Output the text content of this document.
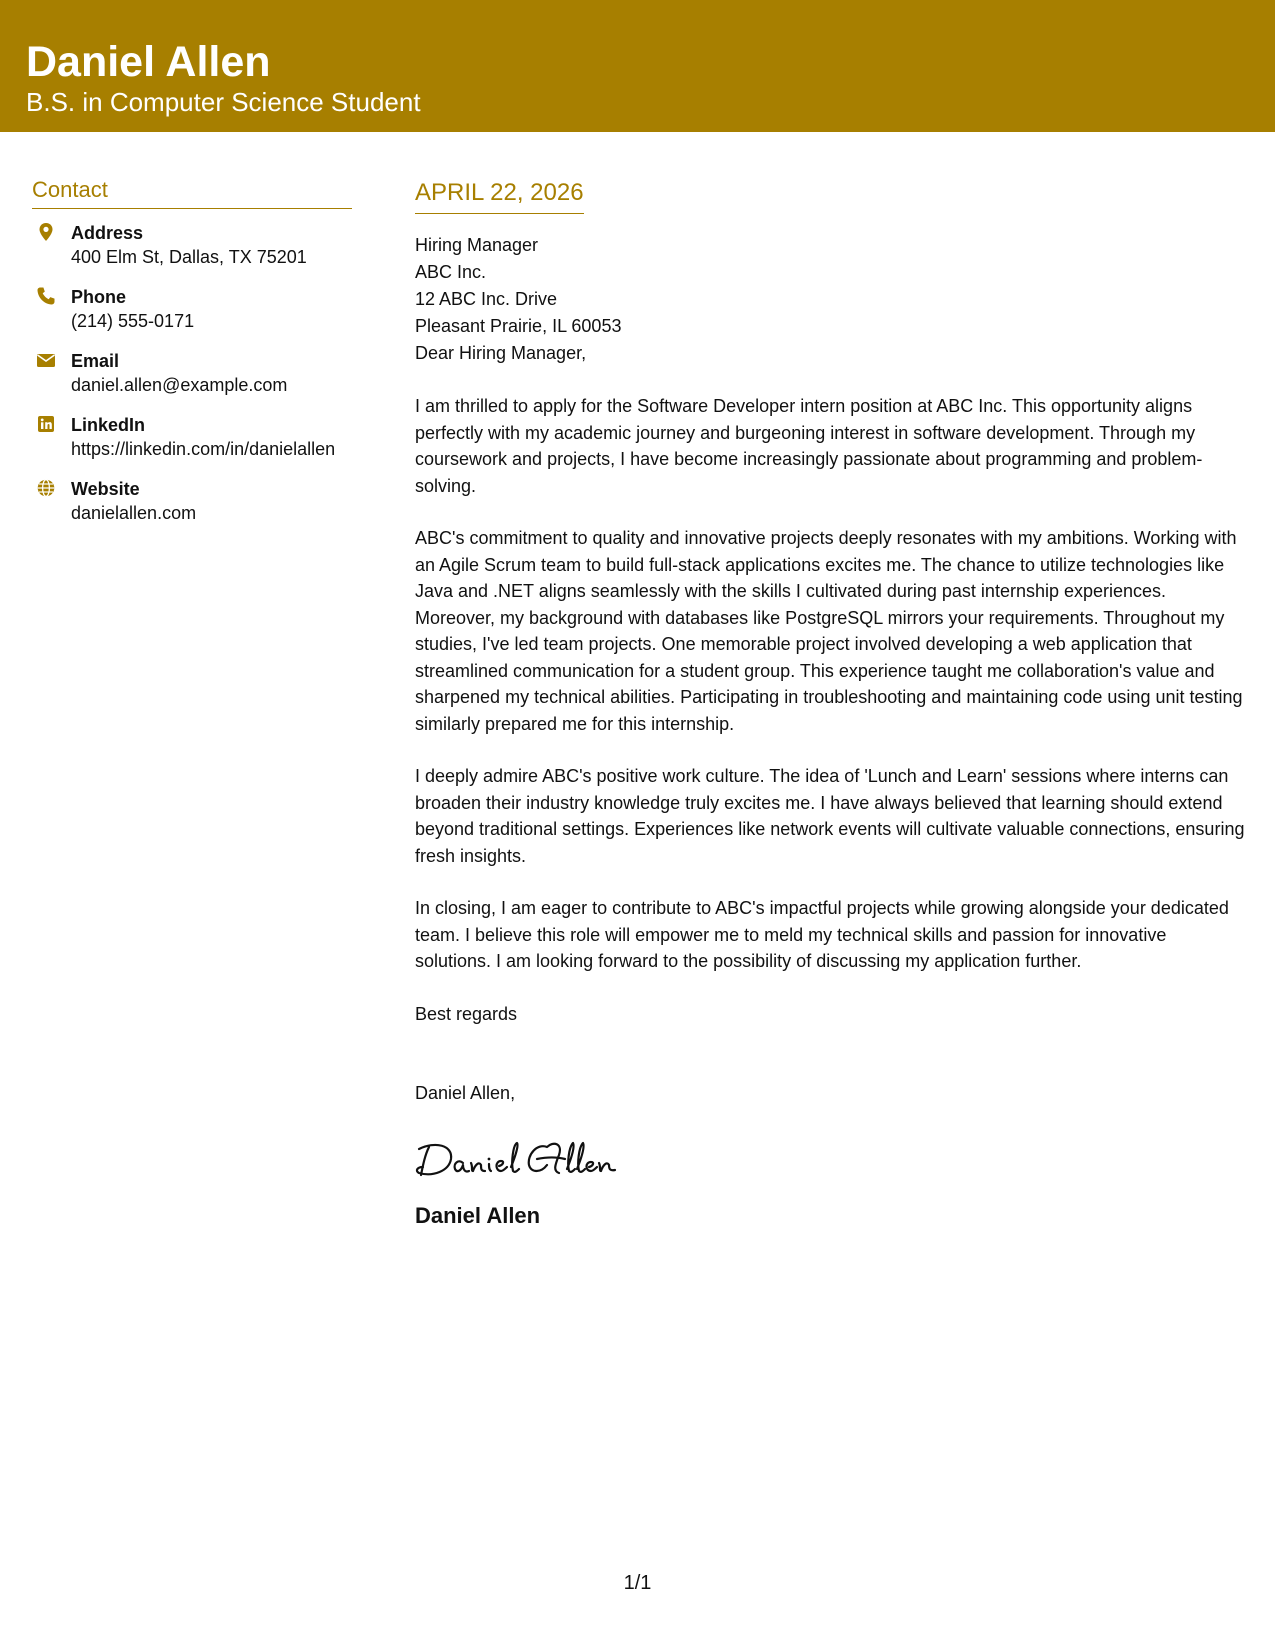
Daniel Allen
B.S. in Computer Science Student
Contact
Address
400 Elm St, Dallas, TX 75201
Phone
(214) 555-0171
Email
daniel.allen@example.com
LinkedIn
https://linkedin.com/in/danielallen
Website
danielallen.com
APRIL 22, 2026
Hiring Manager
ABC Inc.
12 ABC Inc. Drive
Pleasant Prairie, IL 60053
Dear Hiring Manager,
I am thrilled to apply for the Software Developer intern position at ABC Inc. This opportunity aligns perfectly with my academic journey and burgeoning interest in software development. Through my coursework and projects, I have become increasingly passionate about programming and problem-solving.
ABC's commitment to quality and innovative projects deeply resonates with my ambitions. Working with an Agile Scrum team to build full-stack applications excites me. The chance to utilize technologies like Java and .NET aligns seamlessly with the skills I cultivated during past internship experiences. Moreover, my background with databases like PostgreSQL mirrors your requirements. Throughout my studies, I've led team projects. One memorable project involved developing a web application that streamlined communication for a student group. This experience taught me collaboration's value and sharpened my technical abilities. Participating in troubleshooting and maintaining code using unit testing similarly prepared me for this internship.
I deeply admire ABC's positive work culture. The idea of 'Lunch and Learn' sessions where interns can broaden their industry knowledge truly excites me. I have always believed that learning should extend beyond traditional settings. Experiences like network events will cultivate valuable connections, ensuring fresh insights.
In closing, I am eager to contribute to ABC's impactful projects while growing alongside your dedicated team. I believe this role will empower me to meld my technical skills and passion for innovative solutions. I am looking forward to the possibility of discussing my application further.
Best regards
Daniel Allen,
Daniel Allen
1/1
